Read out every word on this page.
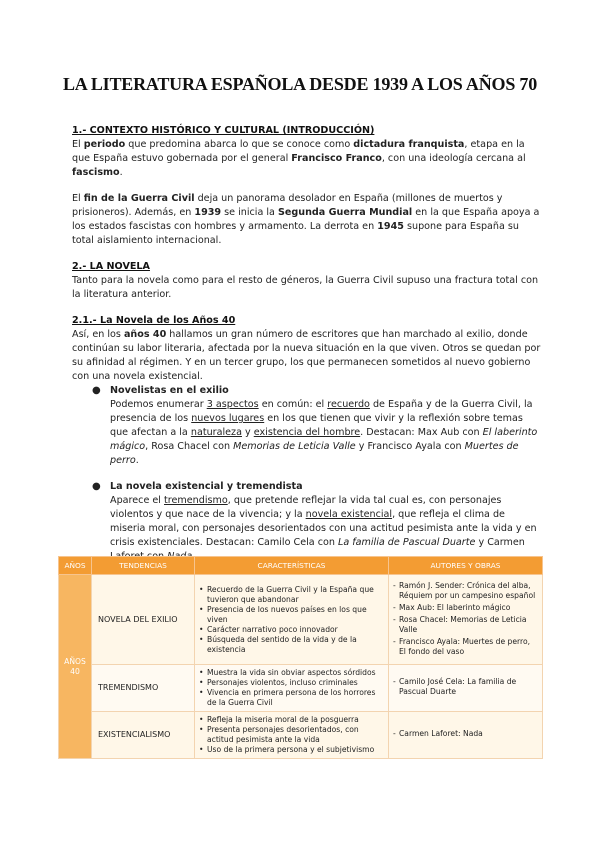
LA LITERATURA ESPAÑOLA DESDE 1939 A LOS AÑOS 70
1.- CONTEXTO HISTÓRICO Y CULTURAL (INTRODUCCIÓN)

El periodo que predomina abarca lo que se conoce como dictadura franquista, etapa en la que España estuvo gobernada por el general Francisco Franco, con una ideología cercana al fascismo.

El fin de la Guerra Civil deja un panorama desolador en España (millones de muertos y prisioneros). Además, en 1939 se inicia la Segunda Guerra Mundial en la que España apoya a los estados fascistas con hombres y armamento. La derrota en 1945 supone para España su total aislamiento internacional.

2.- LA NOVELA

Tanto para la novela como para el resto de géneros, la Guerra Civil supuso una fractura total con la literatura anterior.

2.1.- La Novela de los Años 40

Así, en los años 40 hallamos un gran número de escritores que han marchado al exilio, donde continúan su labor literaria, afectada por la nueva situación en la que viven. Otros se quedan por su afinidad al régimen. Y en un tercer grupo, los que permanecen sometidos al nuevo gobierno con una novela existencial.

● Novelistas en el exilio
Podemos enumerar 3 aspectos en común: el recuerdo de España y de la Guerra Civil, la presencia de los nuevos lugares en los que tienen que vivir y la reflexión sobre temas que afectan a la naturaleza y existencia del hombre. Destacan: Max Aub con El laberinto mágico, Rosa Chacel con Memorias de Leticia Valle y Francisco Ayala con Muertes de perro.
● La novela existencial y tremendista
Aparece el tremendismo, que pretende reflejar la vida tal cual es, con personajes violentos y que nace de la vivencia; y la novela existencial, que refleja el clima de miseria moral, con personajes desorientados con una actitud pesimista ante la vida y en crisis existenciales. Destacan: Camilo Cela con La familia de Pascual Duarte y Carmen
AÑOS	TENDENCIAS	CARACTERÍSTICAS	AUTORES Y OBRAS
AÑOS 40	NOVELA DEL EXILIO	• Recuerdo de la Guerra Civil y la España que tuvieron que abandonar
• Presencia de los nuevos países en los que viven
• Carácter narrativo poco innovador
• Búsqueda del sentido de la vida y de la existencia	- Ramón J. Sender: Crónica del alba, Réquiem por un campesino español
- Max Aub: El laberinto mágico
- Rosa Chacel: Memorias de Leticia Valle
- Francisco Ayala: Muertes de perro, El fondo del vaso

	TREMENDISMO	• Muestra la vida sin obviar aspectos sórdidos
• Personajes violentos, incluso criminales
• Vivencia en primera persona de los horrores de la Guerra Civil	- Camilo José Cela: La familia de Pascual Duarte

	EXISTENCIALISMO	• Refleja la miseria moral de la posguerra
• Presenta personajes desorientados, con actitud pesimista ante la vida
• Uso de la primera persona y el subjetivismo	- Carmen Laforet: Nada
